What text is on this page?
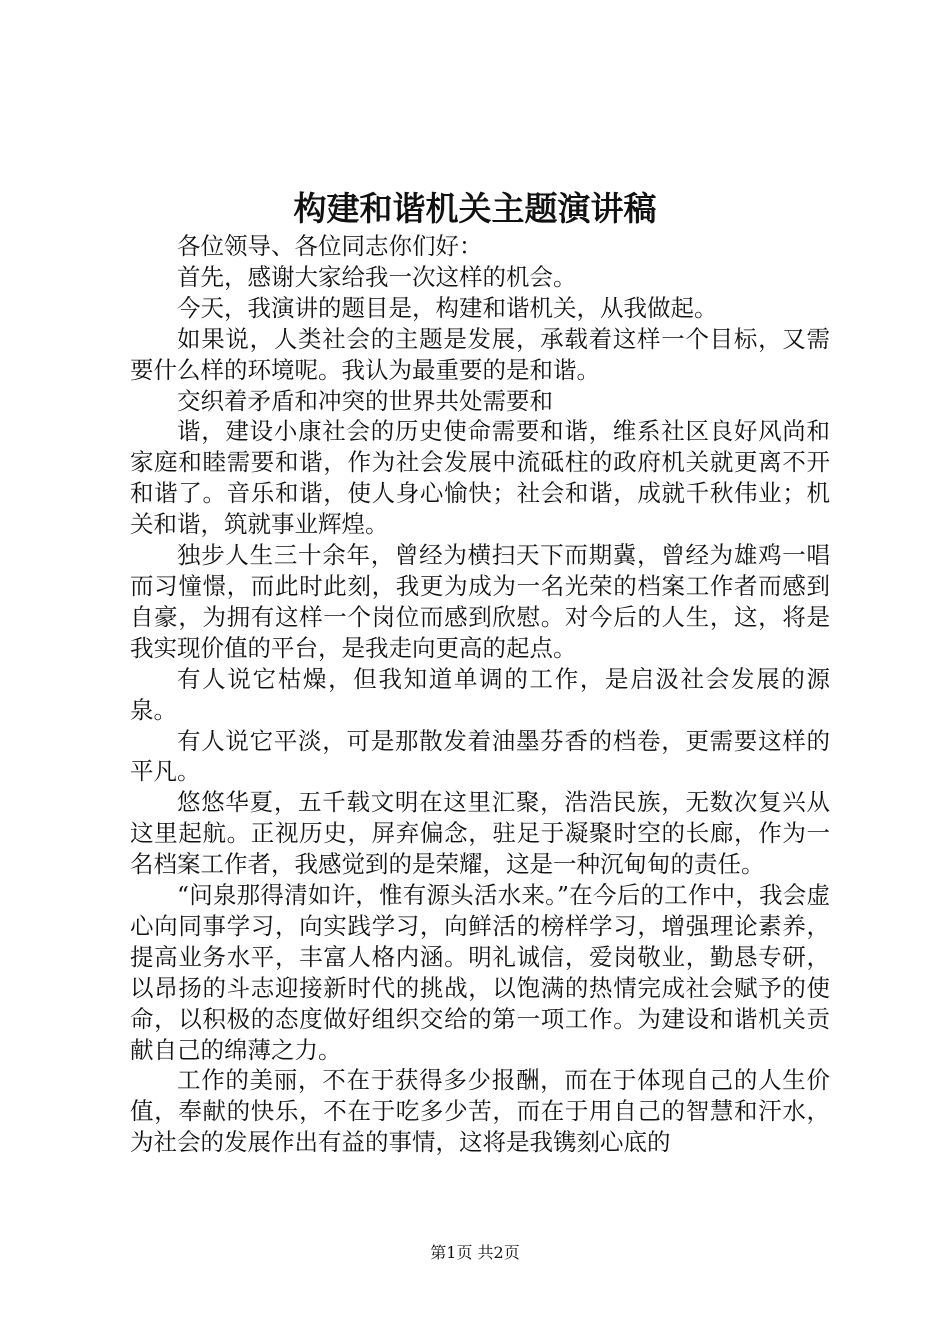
构建和谐机关主题演讲稿

各位领导、各位同志你们好：

首先，感谢大家给我一次这样的机会。

今天，我演讲的题目是，构建和谐机关，从我做起。

如果说，人类社会的主题是发展，承载着这样一个目标，又需要什么样的环境呢。我认为最重要的是和谐。

交织着矛盾和冲突的世界共处需要和

谐，建设小康社会的历史使命需要和谐，维系社区良好风尚和家庭和睦需要和谐，作为社会发展中流砥柱的政府机关就更离不开和谐了。音乐和谐，使人身心愉快；社会和谐，成就千秋伟业；机关和谐，筑就事业辉煌。

独步人生三十余年，曾经为横扫天下而期冀，曾经为雄鸡一唱而习憧憬，而此时此刻，我更为成为一名光荣的档案工作者而感到自豪，为拥有这样一个岗位而感到欣慰。对今后的人生，这，将是我实现价值的平台，是我走向更高的起点。

有人说它枯燥，但我知道单调的工作，是启汲社会发展的源泉。

有人说它平淡，可是那散发着油墨芬香的档卷，更需要这样的平凡。

悠悠华夏，五千载文明在这里汇聚，浩浩民族，无数次复兴从这里起航。正视历史，屏弃偏念，驻足于凝聚时空的长廊，作为一名档案工作者，我感觉到的是荣耀，这是一种沉甸甸的责任。

“问泉那得清如许，惟有源头活水来。”在今后的工作中，我会虚心向同事学习，向实践学习，向鲜活的榜样学习，增强理论素养，提高业务水平，丰富人格内涵。明礼诚信，爱岗敬业，勤恳专研，以昂扬的斗志迎接新时代的挑战，以饱满的热情完成社会赋予的使命，以积极的态度做好组织交给的第一项工作。为建设和谐机关贡献自己的绵薄之力。

工作的美丽，不在于获得多少报酬，而在于体现自己的人生价值，奉献的快乐，不在于吃多少苦，而在于用自己的智慧和汗水，为社会的发展作出有益的事情，这将是我镌刻心底的

第1页 共2页
